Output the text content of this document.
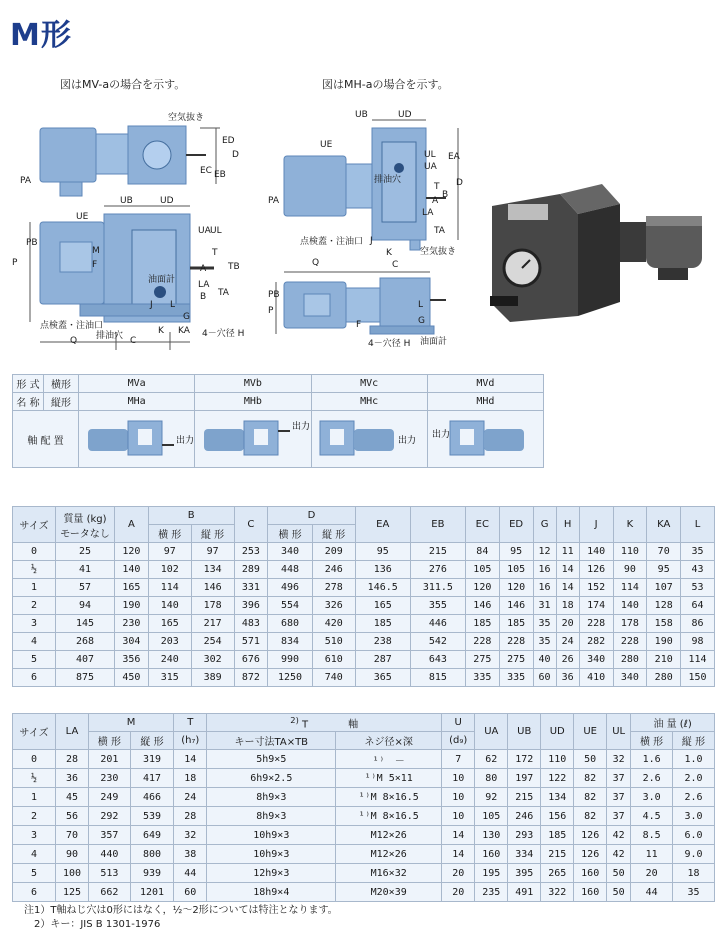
M形
図はMV-aの場合を示す。	図はMH-aの場合を示す。
空気抜き
ED
D
EC EB
PA
UB
UE
UD
UA UL
PB
P
M
F
T
TB
TA
A
B
LA
G
L
J
油面計
点検蓋・注油口
排油穴
Q	C
K KA 4－穴径 H
UB	UD
UE
排油穴
UL EA
UA
T
B
A
D
PA
点検蓋・注油口
LA
TA
J
K
C
空気抜き
Q
PB
P
F
L
4－穴径 H 油面計
G
形 式	横形	MVa	MVb	MVc	MVd
名 称	縦形	MHa	MHb	MHc	MHd
軸 配 置		出力	出力	出力	出力
サイズ	質量 (kg)
モータなし	A	B		C	D		EA	EB	EC	ED	G	H	J	K	KA	L
			横 形	縦 形		横 形	縦 形										
0	25	120	97	97	253	340	209	95	215	84	95	12	11	140	110	70	35
½	41	140	102	134	289	448	246	136	276	105	105	16	14	126	90	95	43
1	57	165	114	146	331	496	278	146.5	311.5	120	120	16	14	152	114	107	53
2	94	190	140	178	396	554	326	165	355	146	146	31	18	174	140	128	64
3	145	230	165	217	483	680	420	185	446	185	185	35	20	228	178	158	86
4	268	304	203	254	571	834	510	238	542	228	228	35	24	282	228	190	98
5	407	356	240	302	676	990	610	287	643	275	275	40	26	340	280	210	114
6	875	450	315	389	872	1250	740	365	815	335	335	60	36	410	340	280	150
サイズ	LA	M		T	$^{2)}$ T　　　　軸		U	UA	UB	UD	UE	UL	油 量 (ℓ)	
		横 形	縦 形	(h₇)	キー寸法TA×TB	ネジ径×深	(d₉)						横 形	縦 形
0	28	201	319	14	5h9×5	¹⁾　－	7	62	172	110	50	32	1.6	1.0
½	36	230	417	18	6h9×2.5	¹⁾M 5×11	10	80	197	122	82	37	2.6	2.0
1	45	249	466	24	8h9×3	¹⁾M 8×16.5	10	92	215	134	82	37	3.0	2.6
2	56	292	539	28	8h9×3	¹⁾M 8×16.5	10	105	246	156	82	37	4.5	3.0
3	70	357	649	32	10h9×3	M12×26	14	130	293	185	126	42	8.5	6.0
4	90	440	800	38	10h9×3	M12×26	14	160	334	215	126	42	11	9.0
5	100	513	939	44	12h9×3	M16×32	20	195	395	265	160	50	20	18
6	125	662	1201	60	18h9×4	M20×39	20	235	491	322	160	50	44	35
注1）T軸ねじ穴は0形にはなく，½～2形については特注となります。
　2）キー：JIS B 1301-1976
